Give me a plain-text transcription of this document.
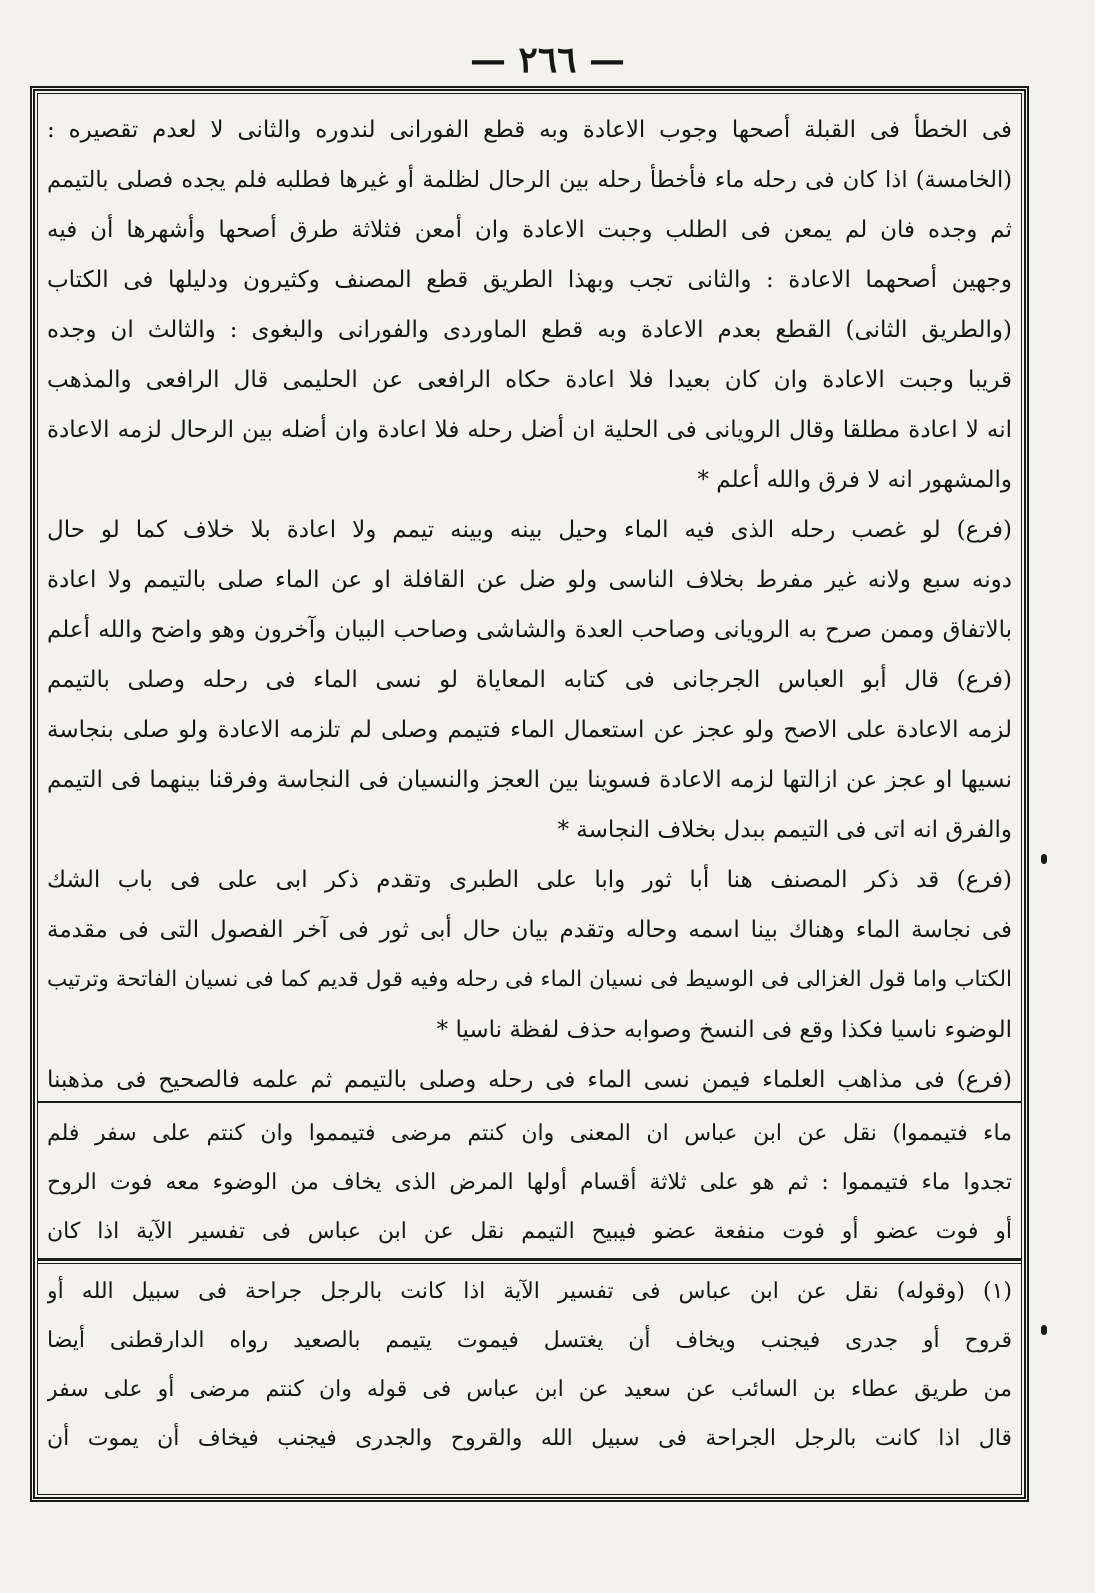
— ٢٦٦ —
فى الخطأ فى القبلة أصحها وجوب الاعادة وبه قطع الفورانى لندوره والثانى لا لعدم تقصيره :
(الخامسة) اذا كان فى رحله ماء فأخطأ رحله بين الرحال لظلمة أو غيرها فطلبه فلم يجده فصلى بالتيمم
ثم وجده فان لم يمعن فى الطلب وجبت الاعادة وان أمعن فثلاثة طرق أصحها وأشهرها أن فيه
وجهين أصحهما الاعادة : والثانى تجب وبهذا الطريق قطع المصنف وكثيرون ودليلها فى الكتاب
(والطريق الثانى) القطع بعدم الاعادة وبه قطع الماوردى والفورانى والبغوى : والثالث ان وجده
قريبا وجبت الاعادة وان كان بعيدا فلا اعادة حكاه الرافعى عن الحليمى قال الرافعى والمذهب
انه لا اعادة مطلقا وقال الرويانى فى الحلية ان أضل رحله فلا اعادة وان أضله بين الرحال لزمه الاعادة
والمشهور انه لا فرق والله أعلم *
(فرع) لو غصب رحله الذى فيه الماء وحيل بينه وبينه تيمم ولا اعادة بلا خلاف كما لو حال
دونه سبع ولانه غير مفرط بخلاف الناسى ولو ضل عن القافلة او عن الماء صلى بالتيمم ولا اعادة
بالاتفاق وممن صرح به الرويانى وصاحب العدة والشاشى وصاحب البيان وآخرون وهو واضح والله أعلم
(فرع) قال أبو العباس الجرجانى فى كتابه المعاياة لو نسى الماء فى رحله وصلى بالتيمم
لزمه الاعادة على الاصح ولو عجز عن استعمال الماء فتيمم وصلى لم تلزمه الاعادة ولو صلى بنجاسة
نسيها او عجز عن ازالتها لزمه الاعادة فسوينا بين العجز والنسيان فى النجاسة وفرقنا بينهما فى التيمم
والفرق انه اتى فى التيمم ببدل بخلاف النجاسة *
(فرع) قد ذكر المصنف هنا أبا ثور وابا على الطبرى وتقدم ذكر ابى على فى باب الشك
فى نجاسة الماء وهناك بينا اسمه وحاله وتقدم بيان حال أبى ثور فى آخر الفصول التى فى مقدمة
الكتاب واما قول الغزالى فى الوسيط فى نسيان الماء فى رحله وفيه قول قديم كما فى نسيان الفاتحة وترتيب
الوضوء ناسيا فكذا وقع فى النسخ وصوابه حذف لفظة ناسيا *
(فرع) فى مذاهب العلماء فيمن نسى الماء فى رحله وصلى بالتيمم ثم علمه فالصحيح فى مذهبنا
ماء فتيمموا) نقل عن ابن عباس ان المعنى وان كنتم مرضى فتيمموا وان كنتم على سفر فلم
تجدوا ماء فتيمموا : ثم هو على ثلاثة أقسام أولها المرض الذى يخاف من الوضوء معه فوت الروح
أو فوت عضو أو فوت منفعة عضو فيبيح التيمم نقل عن ابن عباس فى تفسير الآية اذا كان
(١) (وقوله) نقل عن ابن عباس فى تفسير الآية اذا كانت بالرجل جراحة فى سبيل الله أو
قروح أو جدرى فيجنب ويخاف أن يغتسل فيموت يتيمم بالصعيد رواه الدارقطنى أيضا
من طريق عطاء بن السائب عن سعيد عن ابن عباس فى قوله وان كنتم مرضى أو على سفر
قال اذا كانت بالرجل الجراحة فى سبيل الله والقروح والجدرى فيجنب فيخاف أن يموت أن
